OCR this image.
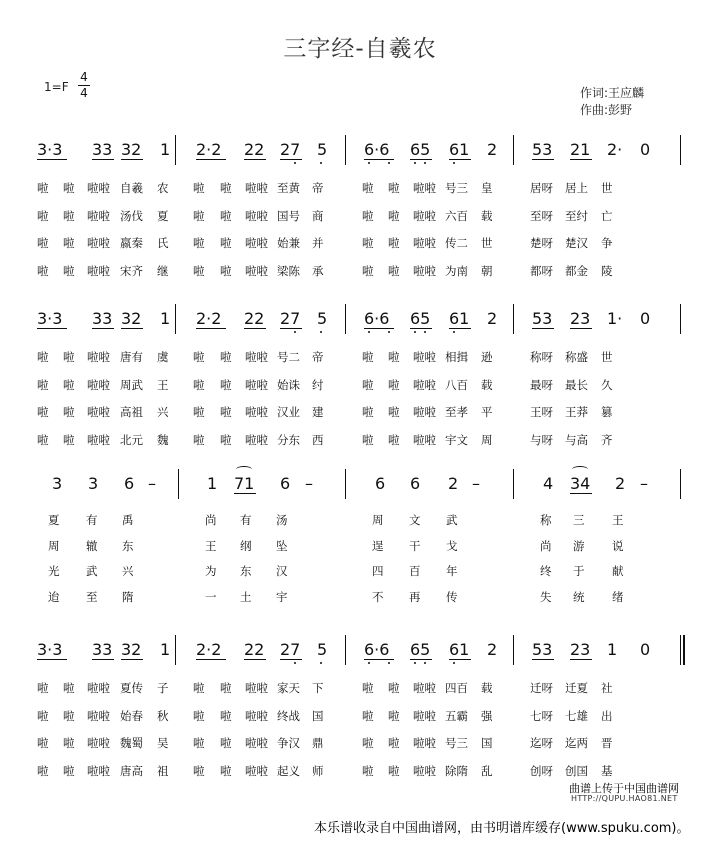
三字经-自羲农
1=F
4
4	作词:王应麟
作曲:彭野
3·3 33 32 1 2·2 22 27 5 6·6 65 61 2 53 21 2· 0
啦 啦 啦啦 自羲 农 啦 啦 啦啦 至黄 帝	啦 啦 啦啦 号三 皇	居呀 居上 世
啦 啦 啦啦 汤伐 夏 啦 啦 啦啦 国号 商	啦 啦 啦啦 六百 载	至呀 至纣 亡
啦 啦 啦啦 嬴秦 氏 啦 啦 啦啦 始兼 并	啦 啦 啦啦 传二 世	楚呀 楚汉 争
啦 啦 啦啦 宋齐 继 啦 啦 啦啦 梁陈 承	啦 啦 啦啦 为南 朝	都呀 都金 陵
3·3 33 32 1 2·2 22 27 5 6·6 65 61 2 53 23 1· 0
啦 啦 啦啦 唐有 虞 啦 啦 啦啦 号二 帝	啦 啦 啦啦 相揖 逊	称呀 称盛 世
啦 啦 啦啦 周武 王 啦 啦 啦啦 始诛 纣	啦 啦 啦啦 八百 载	最呀 最长 久
啦 啦 啦啦 高祖 兴 啦 啦 啦啦 汉业 建	啦 啦 啦啦 至孝 平	王呀 王莽 篡
啦 啦 啦啦 北元 魏 啦 啦 啦啦 分东 西	啦 啦 啦啦 宇文 周	与呀 与高 齐
3 3 6 –	1 71 6 –	6 6 2 –	4 34 2 –
夏 有 禹	尚 有 汤	周 文 武	称 三 王
周 辙 东	王 纲 坠	逞 干 戈	尚 游 说
光 武 兴	为 东 汉	四 百 年	终 于 献
迨 至 隋	一 土 宇	不 再 传	失 统 绪
3·3 33 32 1 2·2 22 27 5 6·6 65 61 2 53 23 1 0
啦 啦 啦啦 夏传 子 啦 啦 啦啦 家天 下	啦 啦 啦啦 四百 载	迁呀 迁夏 社
啦 啦 啦啦 始春 秋 啦 啦 啦啦 终战 国	啦 啦 啦啦 五霸 强	七呀 七雄 出
啦 啦 啦啦 魏蜀 吴 啦 啦 啦啦 争汉 鼎	啦 啦 啦啦 号三 国	迄呀 迄两 晋
啦 啦 啦啦 唐高 祖 啦 啦 啦啦 起义 师	啦 啦 啦啦 除隋 乱	创呀 创国 基
曲谱上传于中国曲谱网
HTTP://QUPU.HAO81.NET
本乐谱收录自中国曲谱网，由书明谱库缓存(www.spuku.com)。
